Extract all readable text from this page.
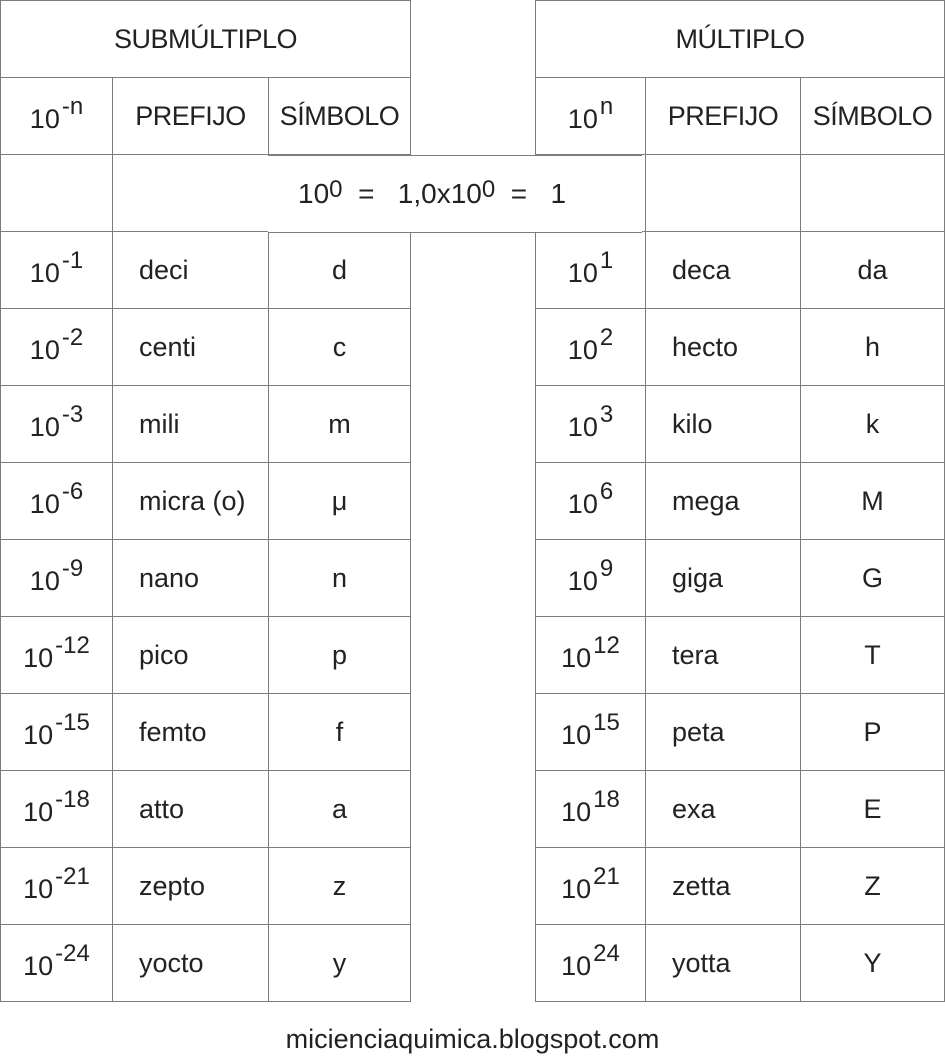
SUBMÚLTIPLO		
$10^{-n}$	PREFIJO	SÍMBOLO

$10^{-1}$	deci	d
$10^{-2}$	centi	c
$10^{-3}$	mili	m
$10^{-6}$	micra (o)	μ
$10^{-9}$	nano	n
$10^{-12}$	pico	p
$10^{-15}$	femto	f
$10^{-18}$	atto	a
$10^{-21}$	zepto	z
$10^{-24}$	yocto	y
MÚLTIPLO		
10$^n$	PREFIJO	SÍMBOLO

$10^1$	deca	da
$10^2$	hecto	h
$10^3$	kilo	k
$10^6$	mega	M
$10^9$	giga	G
$10^{12}$	tera	T
$10^{15}$	peta	P
$10^{18}$	exa	E
$10^{21}$	zetta	Z
$10^{24}$	yotta	Y
$10^0 = 1,0x10^0 = 1$
micienciaquimica.blogspot.com
